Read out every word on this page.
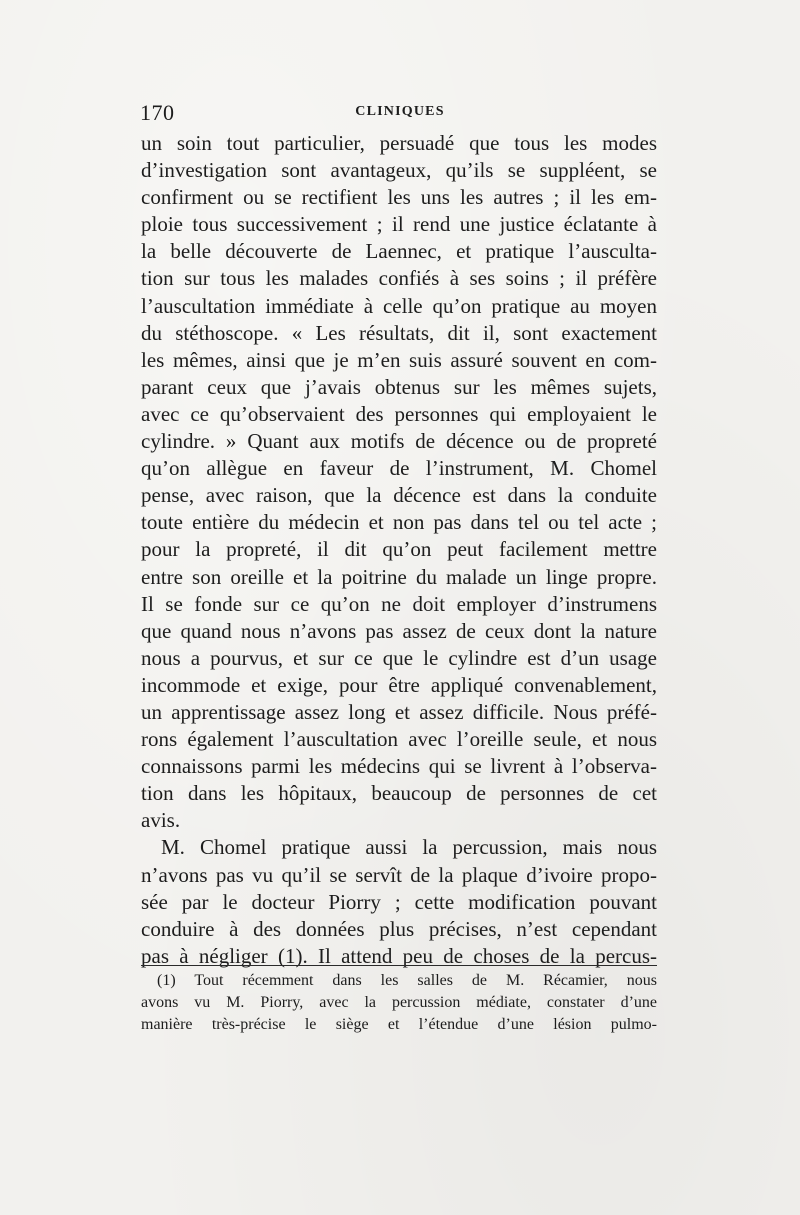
170	CLINIQUES
un soin tout particulier, persuadé que tous les modes
d’investigation sont avantageux, qu’ils se suppléent, se
confirment ou se rectifient les uns les autres ; il les em-
ploie tous successivement ; il rend une justice éclatante à
la belle découverte de Laennec, et pratique l’ausculta-
tion sur tous les malades confiés à ses soins ; il préfère
l’auscultation immédiate à celle qu’on pratique au moyen
du stéthoscope. « Les résultats, dit il, sont exactement
les mêmes, ainsi que je m’en suis assuré souvent en com-
parant ceux que j’avais obtenus sur les mêmes sujets,
avec ce qu’observaient des personnes qui employaient le
cylindre. » Quant aux motifs de décence ou de propreté
qu’on allègue en faveur de l’instrument, M. Chomel
pense, avec raison, que la décence est dans la conduite
toute entière du médecin et non pas dans tel ou tel acte ;
pour la propreté, il dit qu’on peut facilement mettre
entre son oreille et la poitrine du malade un linge propre.
Il se fonde sur ce qu’on ne doit employer d’instrumens
que quand nous n’avons pas assez de ceux dont la nature
nous a pourvus, et sur ce que le cylindre est d’un usage
incommode et exige, pour être appliqué convenablement,
un apprentissage assez long et assez difficile. Nous préfé-
rons également l’auscultation avec l’oreille seule, et nous
connaissons parmi les médecins qui se livrent à l’observa-
tion dans les hôpitaux, beaucoup de personnes de cet
avis.
M. Chomel pratique aussi la percussion, mais nous
n’avons pas vu qu’il se servît de la plaque d’ivoire propo-
sée par le docteur Piorry ; cette modification pouvant
conduire à des données plus précises, n’est cependant
pas à négliger (1). Il attend peu de choses de la percus-
(1) Tout récemment dans les salles de M. Récamier, nous
avons vu M. Piorry, avec la percussion médiate, constater d’une
manière très-précise le siège et l’étendue d’une lésion pulmo-
